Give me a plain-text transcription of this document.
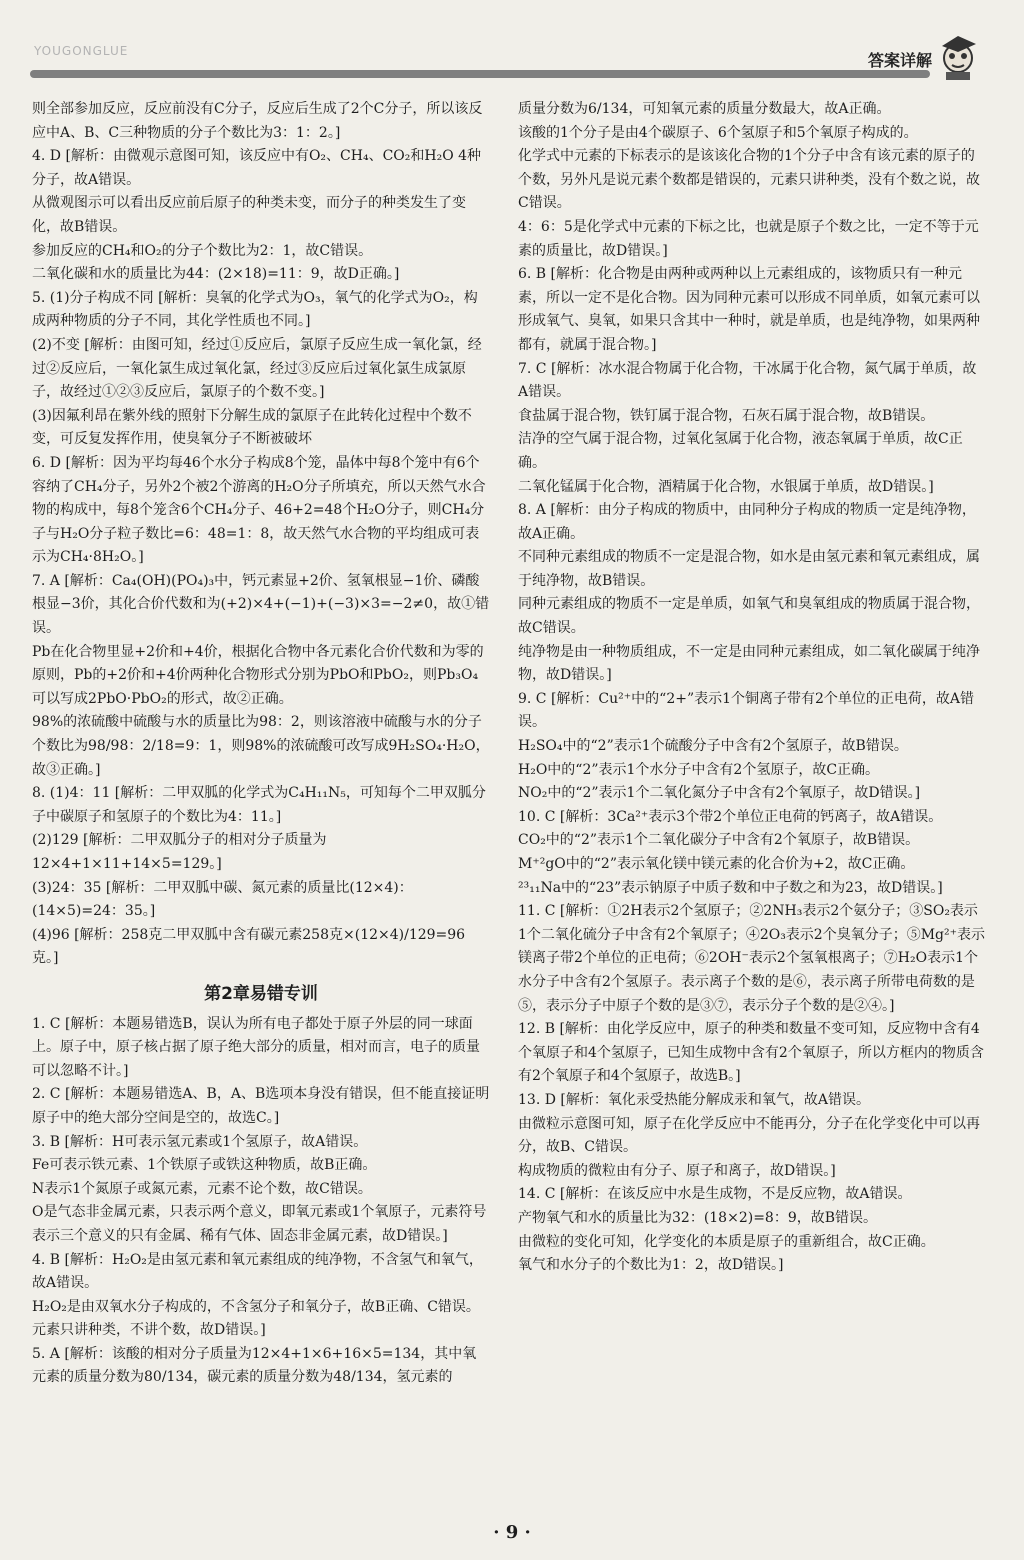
YOUGONGLUE	答案详解

则全部参加反应，反应前没有C分子，反应后生成了2个C分子，所以该反应中A、B、C三种物质的分子个数比为3：1：2。]

4. D [解析：由微观示意图可知，该反应中有O₂、CH₄、CO₂和H₂O 4种分子，故A错误。

从微观图示可以看出反应前后原子的种类未变，而分子的种类发生了变化，故B错误。

参加反应的CH₄和O₂的分子个数比为2：1，故C错误。

二氧化碳和水的质量比为44：(2×18)=11：9，故D正确。]

5. (1)分子构成不同 [解析：臭氧的化学式为O₃，氧气的化学式为O₂，构成两种物质的分子不同，其化学性质也不同。]

(2)不变 [解析：由图可知，经过①反应后，氯原子反应生成一氧化氯，经过②反应后，一氧化氯生成过氧化氯，经过③反应后过氧化氯生成氯原子，故经过①②③反应后，氯原子的个数不变。]

(3)因氟利昂在紫外线的照射下分解生成的氯原子在此转化过程中个数不变，可反复发挥作用，使臭氧分子不断被破坏

6. D [解析：因为平均每46个水分子构成8个笼，晶体中每8个笼中有6个容纳了CH₄分子，另外2个被2个游离的H₂O分子所填充，所以天然气水合物的构成中，每8个笼含6个CH₄分子、46+2=48个H₂O分子，则CH₄分子与H₂O分子粒子数比=6：48=1：8，故天然气水合物的平均组成可表示为CH₄·8H₂O。]

7. A [解析：Ca₄(OH)(PO₄)₃中，钙元素显+2价、氢氧根显−1价、磷酸根显−3价，其化合价代数和为(+2)×4+(−1)+(−3)×3=−2≠0，故①错误。

Pb在化合物里显+2价和+4价，根据化合物中各元素化合价代数和为零的原则，Pb的+2价和+4价两种化合物形式分别为PbO和PbO₂，则Pb₃O₄可以写成2PbO·PbO₂的形式，故②正确。

98%的浓硫酸中硫酸与水的质量比为98：2，则该溶液中硫酸与水的分子个数比为98/98：2/18=9：1，则98%的浓硫酸可改写成9H₂SO₄·H₂O，故③正确。]

8. (1)4：11 [解析：二甲双胍的化学式为C₄H₁₁N₅，可知每个二甲双胍分子中碳原子和氢原子的个数比为4：11。]

(2)129 [解析：二甲双胍分子的相对分子质量为12×4+1×11+14×5=129。]

(3)24：35 [解析：二甲双胍中碳、氮元素的质量比(12×4)：(14×5)=24：35。]

(4)96 [解析：258克二甲双胍中含有碳元素258克×(12×4)/129=96克。]

第2章易错专训

1. C [解析：本题易错选B，误认为所有电子都处于原子外层的同一球面上。原子中，原子核占据了原子绝大部分的质量，相对而言，电子的质量可以忽略不计。]

2. C [解析：本题易错选A、B，A、B选项本身没有错误，但不能直接证明原子中的绝大部分空间是空的，故选C。]

3. B [解析：H可表示氢元素或1个氢原子，故A错误。

Fe可表示铁元素、1个铁原子或铁这种物质，故B正确。

N表示1个氮原子或氮元素，元素不论个数，故C错误。

O是气态非金属元素，只表示两个意义，即氧元素或1个氧原子，元素符号表示三个意义的只有金属、稀有气体、固态非金属元素，故D错误。]

4. B [解析：H₂O₂是由氢元素和氧元素组成的纯净物，不含氢气和氧气，故A错误。

H₂O₂是由双氧水分子构成的，不含氢分子和氧分子，故B正确、C错误。

元素只讲种类，不讲个数，故D错误。]

5. A [解析：该酸的相对分子质量为12×4+1×6+16×5=134，其中氧元素的质量分数为80/134，碳元素的质量分数为48/134，氢元素的

质量分数为6/134，可知氧元素的质量分数最大，故A正确。

该酸的1个分子是由4个碳原子、6个氢原子和5个氧原子构成的。

化学式中元素的下标表示的是该该化合物的1个分子中含有该元素的原子的个数，另外凡是说元素个数都是错误的，元素只讲种类，没有个数之说，故C错误。

4：6：5是化学式中元素的下标之比，也就是原子个数之比，一定不等于元素的质量比，故D错误。]

6. B [解析：化合物是由两种或两种以上元素组成的，该物质只有一种元素，所以一定不是化合物。因为同种元素可以形成不同单质，如氧元素可以形成氧气、臭氧，如果只含其中一种时，就是单质，也是纯净物，如果两种都有，就属于混合物。]

7. C [解析：冰水混合物属于化合物，干冰属于化合物，氮气属于单质，故A错误。

食盐属于混合物，铁钉属于混合物，石灰石属于混合物，故B错误。

洁净的空气属于混合物，过氧化氢属于化合物，液态氧属于单质，故C正确。

二氧化锰属于化合物，酒精属于化合物，水银属于单质，故D错误。]

8. A [解析：由分子构成的物质中，由同种分子构成的物质一定是纯净物，故A正确。

不同种元素组成的物质不一定是混合物，如水是由氢元素和氧元素组成，属于纯净物，故B错误。

同种元素组成的物质不一定是单质，如氧气和臭氧组成的物质属于混合物，故C错误。

纯净物是由一种物质组成，不一定是由同种元素组成，如二氧化碳属于纯净物，故D错误。]

9. C [解析：Cu²⁺中的“2+”表示1个铜离子带有2个单位的正电荷，故A错误。

H₂SO₄中的“2”表示1个硫酸分子中含有2个氢原子，故B错误。

H₂O中的“2”表示1个水分子中含有2个氢原子，故C正确。

NO₂中的“2”表示1个二氧化氮分子中含有2个氧原子，故D错误。]

10. C [解析：3Ca²⁺表示3个带2个单位正电荷的钙离子，故A错误。

CO₂中的“2”表示1个二氧化碳分子中含有2个氧原子，故B错误。

M⁺²gO中的“2”表示氧化镁中镁元素的化合价为+2，故C正确。

²³₁₁Na中的“23”表示钠原子中质子数和中子数之和为23，故D错误。]

11. C [解析：①2H表示2个氢原子；②2NH₃表示2个氨分子；③SO₂表示1个二氧化硫分子中含有2个氧原子；④2O₃表示2个臭氧分子；⑤Mg²⁺表示镁离子带2个单位的正电荷；⑥2OH⁻表示2个氢氧根离子；⑦H₂O表示1个水分子中含有2个氢原子。表示离子个数的是⑥，表示离子所带电荷数的是⑤，表示分子中原子个数的是③⑦，表示分子个数的是②④。]

12. B [解析：由化学反应中，原子的种类和数量不变可知，反应物中含有4个氧原子和4个氢原子，已知生成物中含有2个氧原子，所以方框内的物质含有2个氧原子和4个氢原子，故选B。]

13. D [解析：氧化汞受热能分解成汞和氧气，故A错误。

由微粒示意图可知，原子在化学反应中不能再分，分子在化学变化中可以再分，故B、C错误。

构成物质的微粒由有分子、原子和离子，故D错误。]

14. C [解析：在该反应中水是生成物，不是反应物，故A错误。

产物氧气和水的质量比为32：(18×2)=8：9，故B错误。

由微粒的变化可知，化学变化的本质是原子的重新组合，故C正确。

氧气和水分子的个数比为1：2，故D错误。]

· 9 ·
